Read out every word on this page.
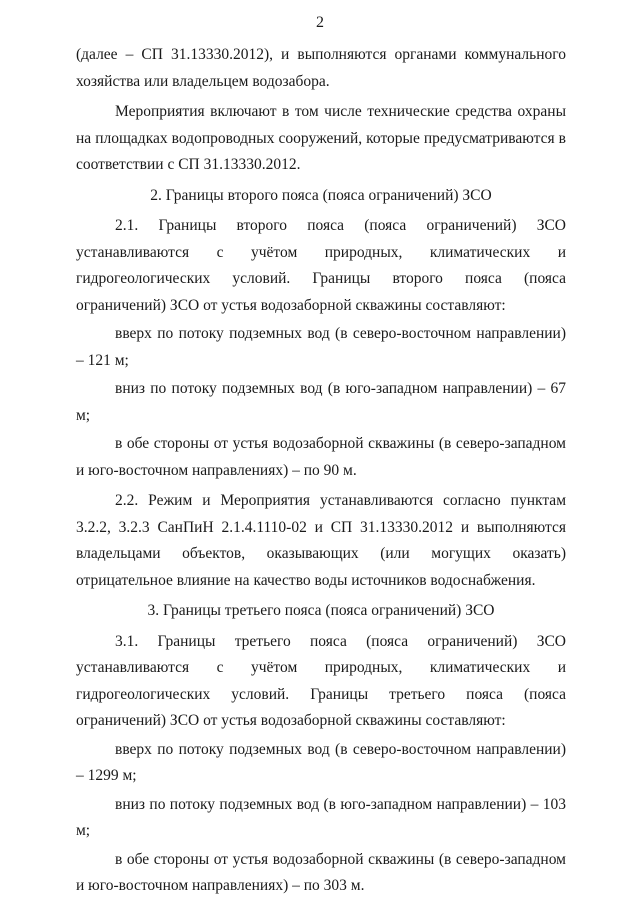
2

(далее – СП 31.13330.2012), и выполняются органами коммунального хозяйства или владельцем водозабора.

Мероприятия включают в том числе технические средства охраны на площадках водопроводных сооружений, которые предусматриваются в соответствии с СП 31.13330.2012.

2. Границы второго пояса (пояса ограничений) ЗСО

2.1. Границы второго пояса (пояса ограничений) ЗСО устанавливаются с учётом природных, климатических и гидрогеологических условий. Границы второго пояса (пояса ограничений) ЗСО от устья водозаборной скважины составляют:

вверх по потоку подземных вод (в северо-восточном направлении) – 121 м;

вниз по потоку подземных вод (в юго-западном направлении) – 67 м;

в обе стороны от устья водозаборной скважины (в северо-западном и юго-восточном направлениях) – по 90 м.

2.2. Режим и Мероприятия устанавливаются согласно пунктам 3.2.2, 3.2.3 СанПиН 2.1.4.1110-02 и СП 31.13330.2012 и выполняются владельцами объектов, оказывающих (или могущих оказать) отрицательное влияние на качество воды источников водоснабжения.

3. Границы третьего пояса (пояса ограничений) ЗСО

3.1. Границы третьего пояса (пояса ограничений) ЗСО устанавливаются с учётом природных, климатических и гидрогеологических условий. Границы третьего пояса (пояса ограничений) ЗСО от устья водозаборной скважины составляют:

вверх по потоку подземных вод (в северо-восточном направлении) – 1299 м;

вниз по потоку подземных вод (в юго-западном направлении) – 103 м;

в обе стороны от устья водозаборной скважины (в северо-западном и юго-восточном направлениях) – по 303 м.
